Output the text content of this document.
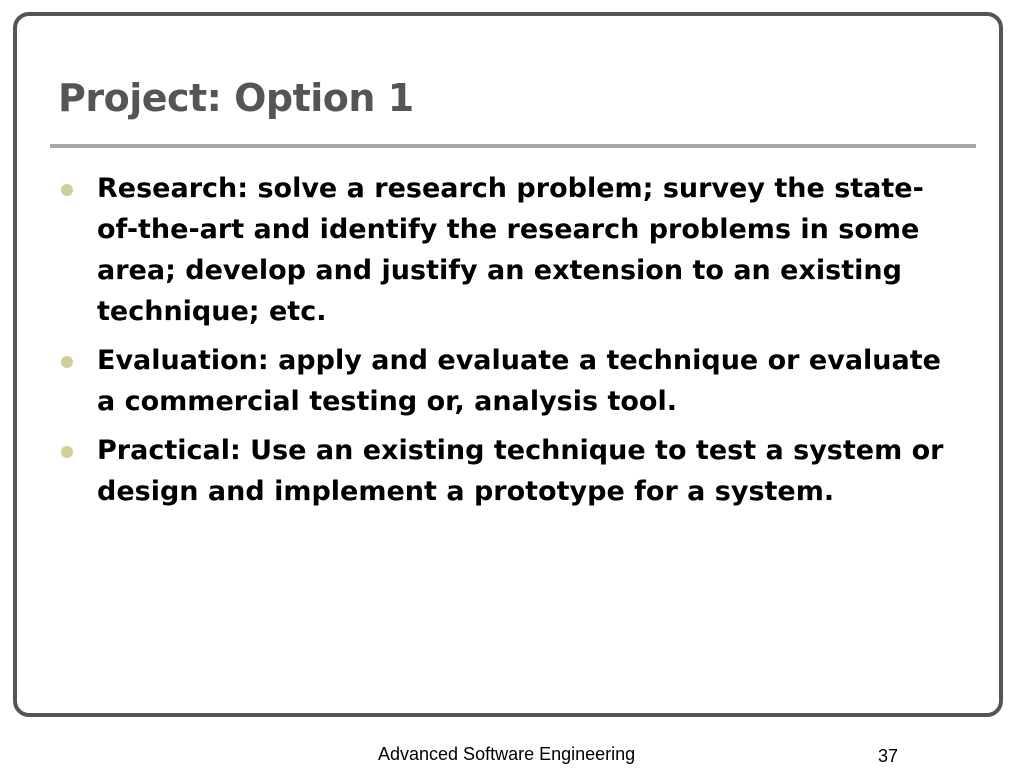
Project: Option 1
Research: solve a research problem; survey the state-of-the-art and identify the research problems in some area; develop and justify an extension to an existing technique; etc.
Evaluation: apply and evaluate a technique or evaluate a commercial testing or, analysis tool.
Practical: Use an existing technique to test a system or design and implement a prototype for a system.
Advanced Software Engineering	37
